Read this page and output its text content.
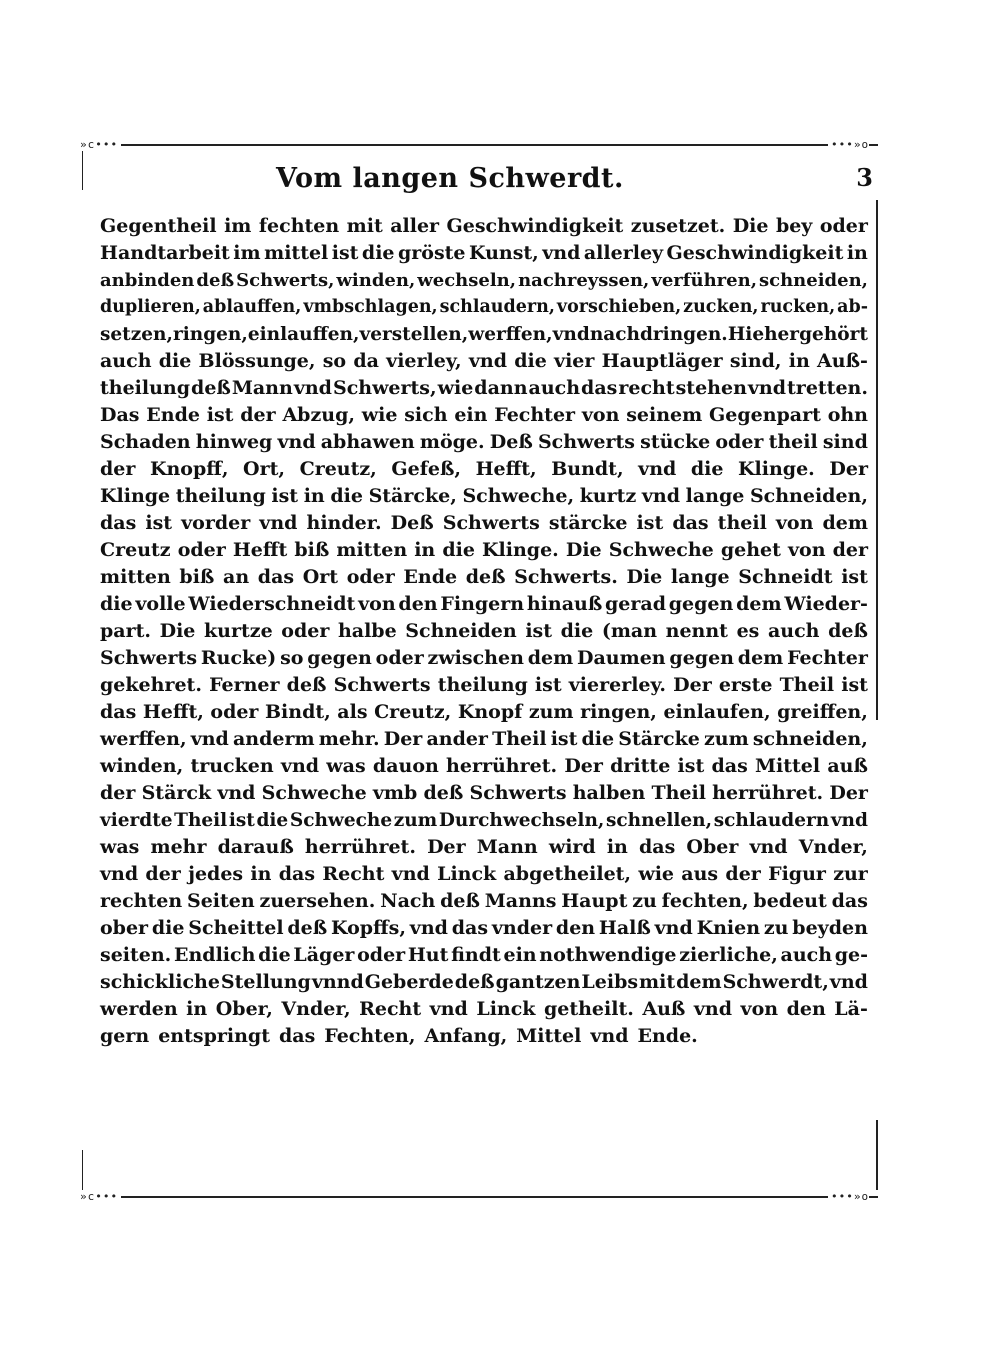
»c•••	•••»o
»c•••	•••»o
Vom langen Schwerdt.	3
Gegentheil im fechten mit aller Geschwindigkeit zusetzet. Die bey oder
Handtarbeit im mittel ist die gröste Kunst, vnd allerley Geschwindigkeit in
anbinden deß Schwerts, winden, wechseln, nachreyssen, verführen, schneiden,
duplieren, ablauffen, vmbschlagen, schlaudern, vorschieben, zucken, rucken, ab-
setzen, ringen, einlauffen, verstellen, werffen, vnd nachdringen. Hieher gehört
auch die Blössunge, so da vierley, vnd die vier Hauptläger sind, in Auß-
theilung deß Mann vnd Schwerts, wie dann auch das recht stehen vnd tretten.
Das Ende ist der Abzug, wie sich ein Fechter von seinem Gegenpart ohn
Schaden hinweg vnd abhawen möge. Deß Schwerts stücke oder theil sind
der Knopff, Ort, Creutz, Gefeß, Hefft, Bundt, vnd die Klinge. Der
Klinge theilung ist in die Stärcke, Schweche, kurtz vnd lange Schneiden,
das ist vorder vnd hinder. Deß Schwerts stärcke ist das theil von dem
Creutz oder Hefft biß mitten in die Klinge. Die Schweche gehet von der
mitten biß an das Ort oder Ende deß Schwerts. Die lange Schneidt ist
die volle Wiederschneidt von den Fingern hinauß gerad gegen dem Wieder-
part. Die kurtze oder halbe Schneiden ist die (man nennt es auch deß
Schwerts Rucke) so gegen oder zwischen dem Daumen gegen dem Fechter
gekehret. Ferner deß Schwerts theilung ist viererley. Der erste Theil ist
das Hefft, oder Bindt, als Creutz, Knopf zum ringen, einlaufen, greiffen,
werffen, vnd anderm mehr. Der ander Theil ist die Stärcke zum schneiden,
winden, trucken vnd was dauon herrühret. Der dritte ist das Mittel auß
der Stärck vnd Schweche vmb deß Schwerts halben Theil herrühret. Der
vierdte Theil ist die Schweche zum Durchwechseln, schnellen, schlaudern vnd
was mehr darauß herrühret. Der Mann wird in das Ober vnd Vnder,
vnd der jedes in das Recht vnd Linck abgetheilet, wie aus der Figur zur
rechten Seiten zuersehen. Nach deß Manns Haupt zu fechten, bedeut das
ober die Scheittel deß Kopffs, vnd das vnder den Halß vnd Knien zu beyden
seiten. Endlich die Läger oder Hut findt ein nothwendige zierliche, auch ge-
schickliche Stellung vnnd Geberde deß gantzen Leibs mit dem Schwerdt, vnd
werden in Ober, Vnder, Recht vnd Linck getheilt. Auß vnd von den Lä-
gern entspringt das Fechten, Anfang, Mittel vnd Ende.
